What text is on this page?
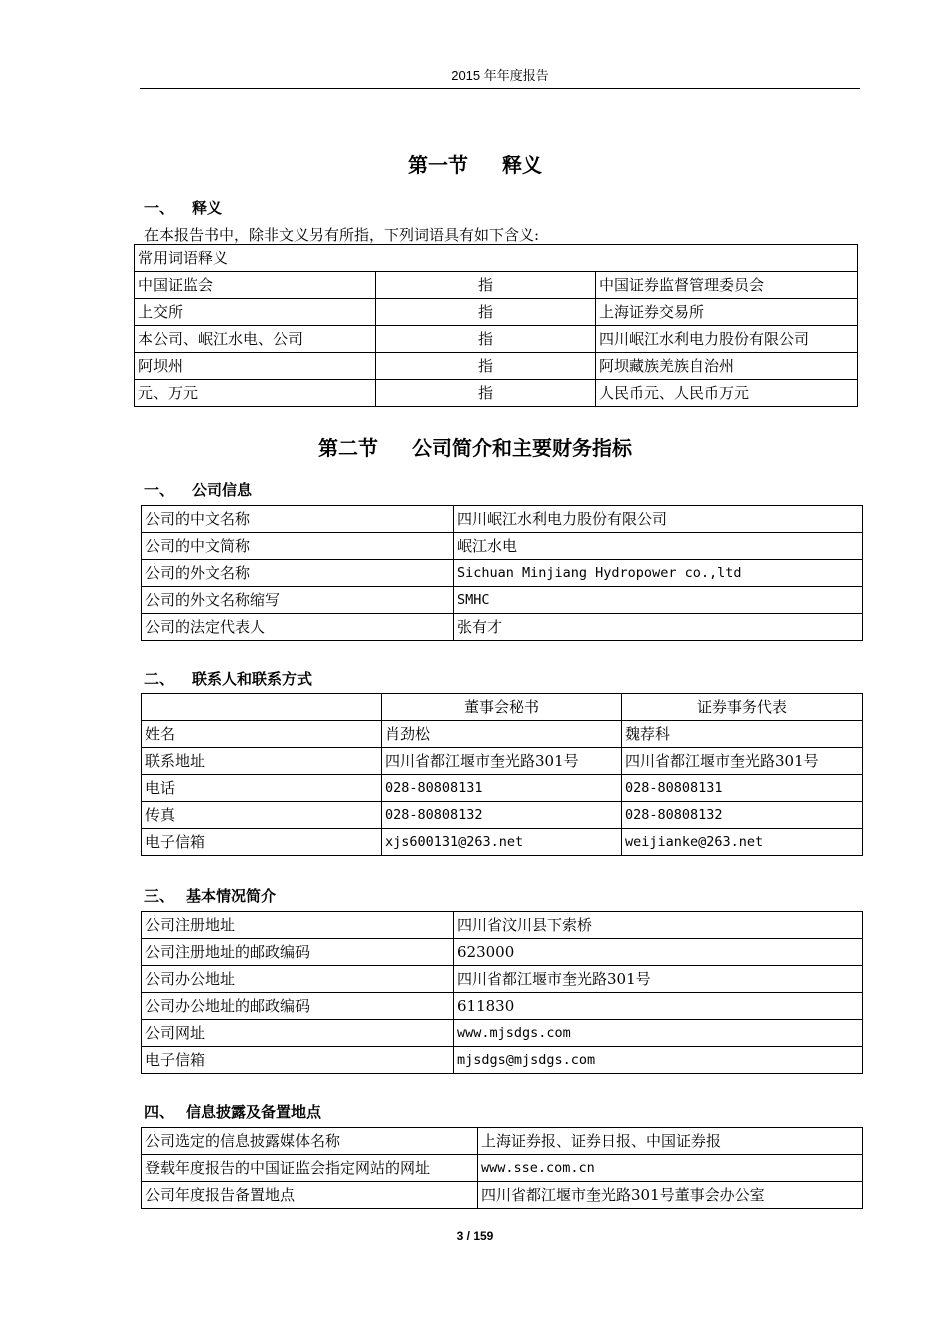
2015 年年度报告
第一节 释义
一、 释义
在本报告书中，除非文义另有所指，下列词语具有如下含义:
常用词语释义		
中国证监会	指	中国证券监督管理委员会
上交所	指	上海证券交易所
本公司、岷江水电、公司	指	四川岷江水利电力股份有限公司
阿坝州	指	阿坝藏族羌族自治州
元、万元	指	人民币元、人民币万元
第二节 公司简介和主要财务指标
一、 公司信息
公司的中文名称	四川岷江水利电力股份有限公司
公司的中文简称	岷江水电
公司的外文名称	Sichuan Minjiang Hydropower co.,ltd
公司的外文名称缩写	SMHC
公司的法定代表人	张有才
二、 联系人和联系方式
	董事会秘书	证券事务代表
姓名	肖劲松	魏荐科
联系地址	四川省都江堰市奎光路301号	四川省都江堰市奎光路301号
电话	028-80808131	028-80808131
传真	028-80808132	028-80808132
电子信箱	xjs600131@263.net	weijianke@263.net
三、 基本情况简介
公司注册地址	四川省汶川县下索桥
公司注册地址的邮政编码	623000
公司办公地址	四川省都江堰市奎光路301号
公司办公地址的邮政编码	611830
公司网址	www.mjsdgs.com
电子信箱	mjsdgs@mjsdgs.com
四、 信息披露及备置地点
公司选定的信息披露媒体名称	上海证券报、证券日报、中国证券报
登载年度报告的中国证监会指定网站的网址	www.sse.com.cn
公司年度报告备置地点	四川省都江堰市奎光路301号董事会办公室
3 / 159
